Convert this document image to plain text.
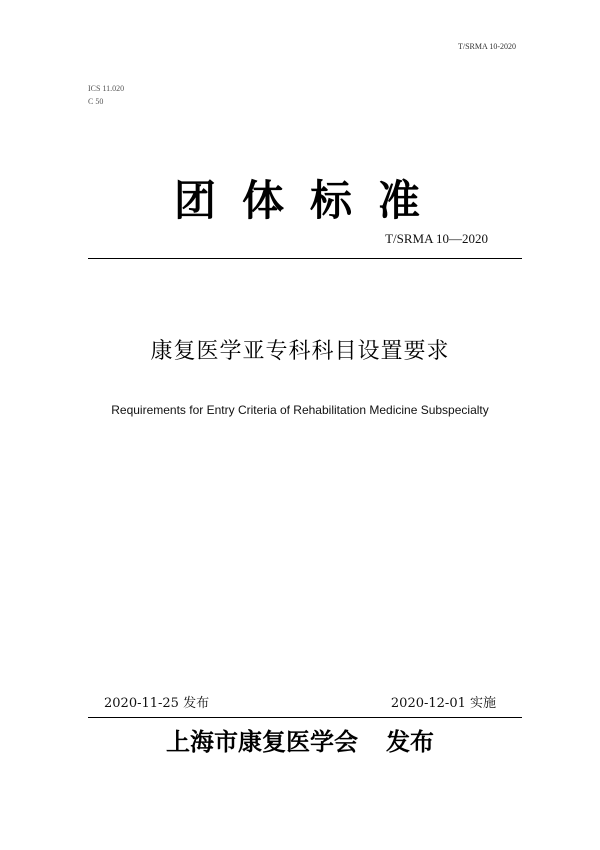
T/SRMA 10-2020
ICS 11.020
C 50
团体标准
T/SRMA 10—2020
康复医学亚专科科目设置要求
Requirements for Entry Criteria of Rehabilitation Medicine Subspecialty
2020-11-25 发布	2020-12-01 实施
上海市康复医学会 发布
